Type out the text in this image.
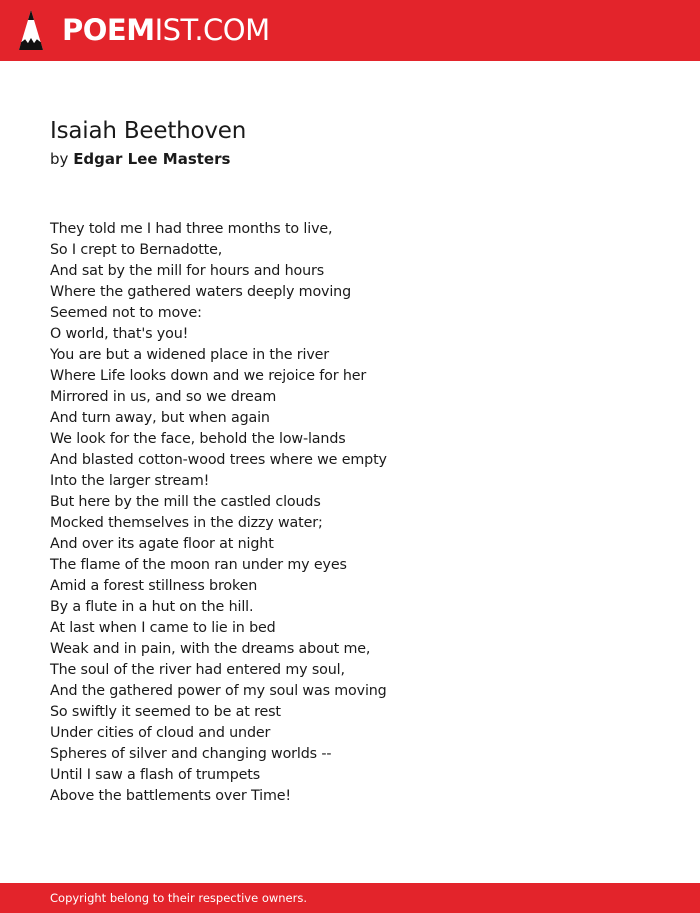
POEMIST.COM
Isaiah Beethoven
by Edgar Lee Masters
They told me I had three months to live,
So I crept to Bernadotte,
And sat by the mill for hours and hours
Where the gathered waters deeply moving
Seemed not to move:
O world, that's you!
You are but a widened place in the river
Where Life looks down and we rejoice for her
Mirrored in us, and so we dream
And turn away, but when again
We look for the face, behold the low-lands
And blasted cotton-wood trees where we empty
Into the larger stream!
But here by the mill the castled clouds
Mocked themselves in the dizzy water;
And over its agate floor at night
The flame of the moon ran under my eyes
Amid a forest stillness broken
By a flute in a hut on the hill.
At last when I came to lie in bed
Weak and in pain, with the dreams about me,
The soul of the river had entered my soul,
And the gathered power of my soul was moving
So swiftly it seemed to be at rest
Under cities of cloud and under
Spheres of silver and changing worlds --
Until I saw a flash of trumpets
Above the battlements over Time!
Copyright belong to their respective owners.
